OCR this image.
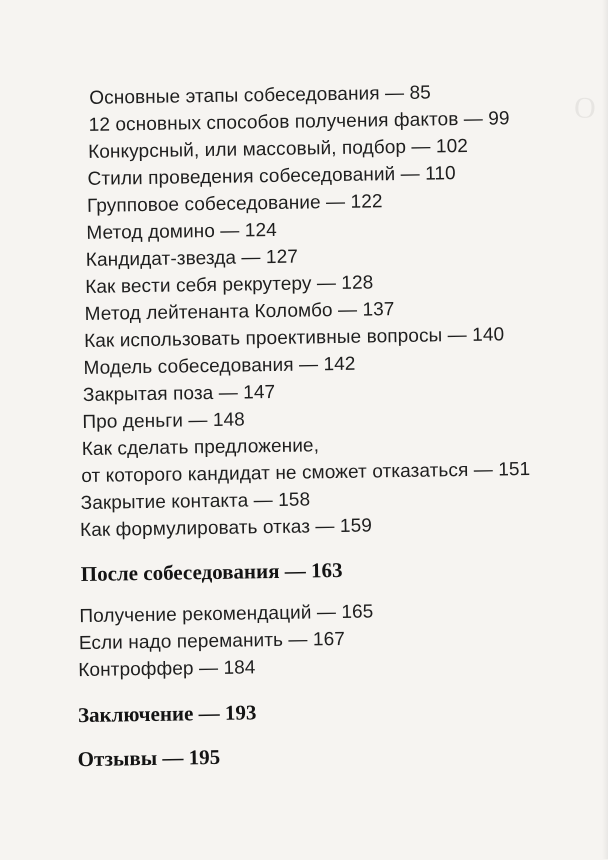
О
Основные этапы собеседования — 85
12 основных способов получения фактов — 99
Конкурсный, или массовый, подбор — 102
Стили проведения собеседований — 110
Групповое собеседование — 122
Метод домино — 124
Кандидат-звезда — 127
Как вести себя рекрутеру — 128
Метод лейтенанта Коломбо — 137
Как использовать проективные вопросы — 140
Модель собеседования — 142
Закрытая поза — 147
Про деньги — 148
Как сделать предложение,
от которого кандидат не сможет отказаться — 151
Закрытие контакта — 158
Как формулировать отказ — 159
После собеседования — 163
Получение рекомендаций — 165
Если надо переманить — 167
Контроффер — 184
Заключение — 193
Отзывы — 195
